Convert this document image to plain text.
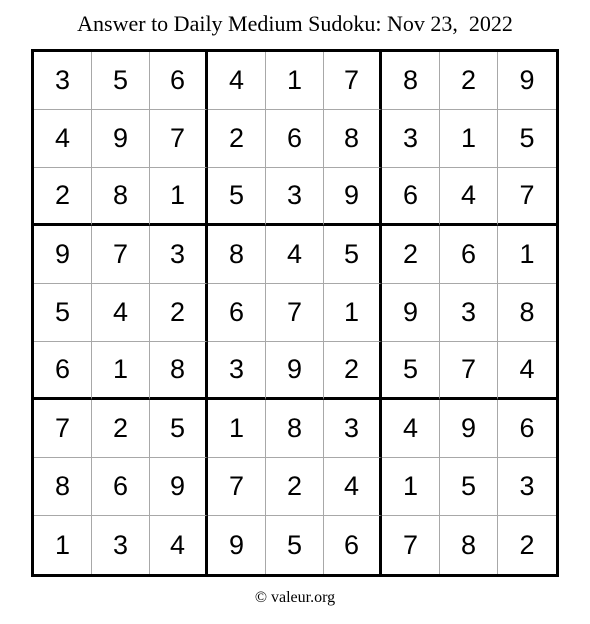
Answer to Daily Medium Sudoku: Nov 23,  2022
3	5	6	4	1	7	8	2	9
4	9	7	2	6	8	3	1	5
2	8	1	5	3	9	6	4	7
9	7	3	8	4	5	2	6	1
5	4	2	6	7	1	9	3	8
6	1	8	3	9	2	5	7	4
7	2	5	1	8	3	4	9	6
8	6	9	7	2	4	1	5	3
1	3	4	9	5	6	7	8	2
© valeur.org
